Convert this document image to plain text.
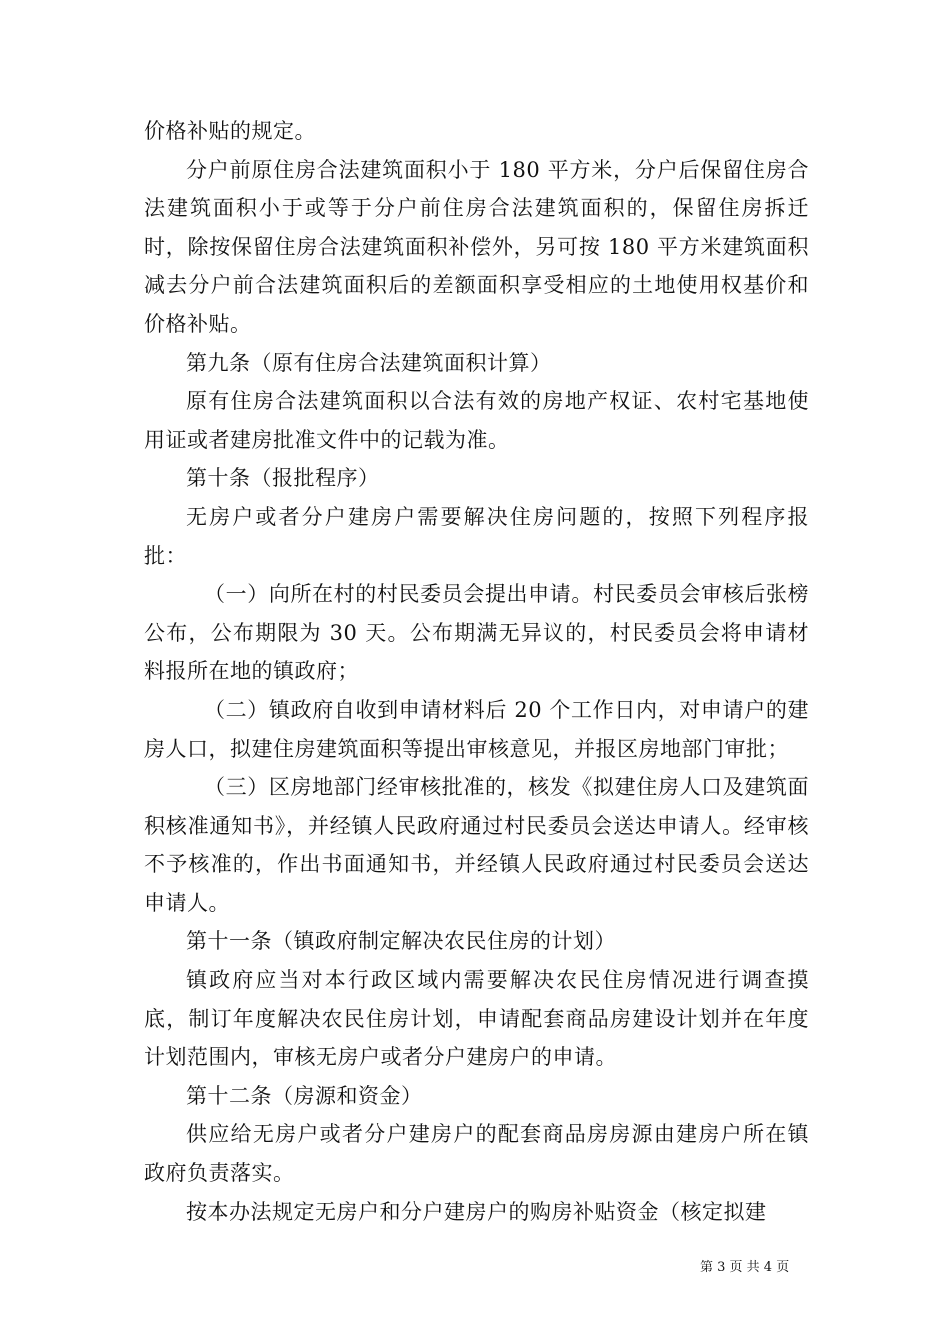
价格补贴的规定。

分户前原住房合法建筑面积小于 180 平方米，分户后保留住房合法建筑面积小于或等于分户前住房合法建筑面积的，保留住房拆迁时，除按保留住房合法建筑面积补偿外，另可按 180 平方米建筑面积减去分户前合法建筑面积后的差额面积享受相应的土地使用权基价和价格补贴。

第九条（原有住房合法建筑面积计算）

原有住房合法建筑面积以合法有效的房地产权证、农村宅基地使用证或者建房批准文件中的记载为准。

第十条（报批程序）

无房户或者分户建房户需要解决住房问题的，按照下列程序报批：

（一）向所在村的村民委员会提出申请。村民委员会审核后张榜公布，公布期限为 30 天。公布期满无异议的，村民委员会将申请材料报所在地的镇政府；

（二）镇政府自收到申请材料后 20 个工作日内，对申请户的建房人口，拟建住房建筑面积等提出审核意见，并报区房地部门审批；

（三）区房地部门经审核批准的，核发《拟建住房人口及建筑面积核准通知书》，并经镇人民政府通过村民委员会送达申请人。经审核不予核准的，作出书面通知书，并经镇人民政府通过村民委员会送达申请人。

第十一条（镇政府制定解决农民住房的计划）

镇政府应当对本行政区域内需要解决农民住房情况进行调查摸底，制订年度解决农民住房计划，申请配套商品房建设计划并在年度计划范围内，审核无房户或者分户建房户的申请。

第十二条（房源和资金）

供应给无房户或者分户建房户的配套商品房房源由建房户所在镇政府负责落实。

按本办法规定无房户和分户建房户的购房补贴资金（核定拟建

第 3 页 共 4 页
